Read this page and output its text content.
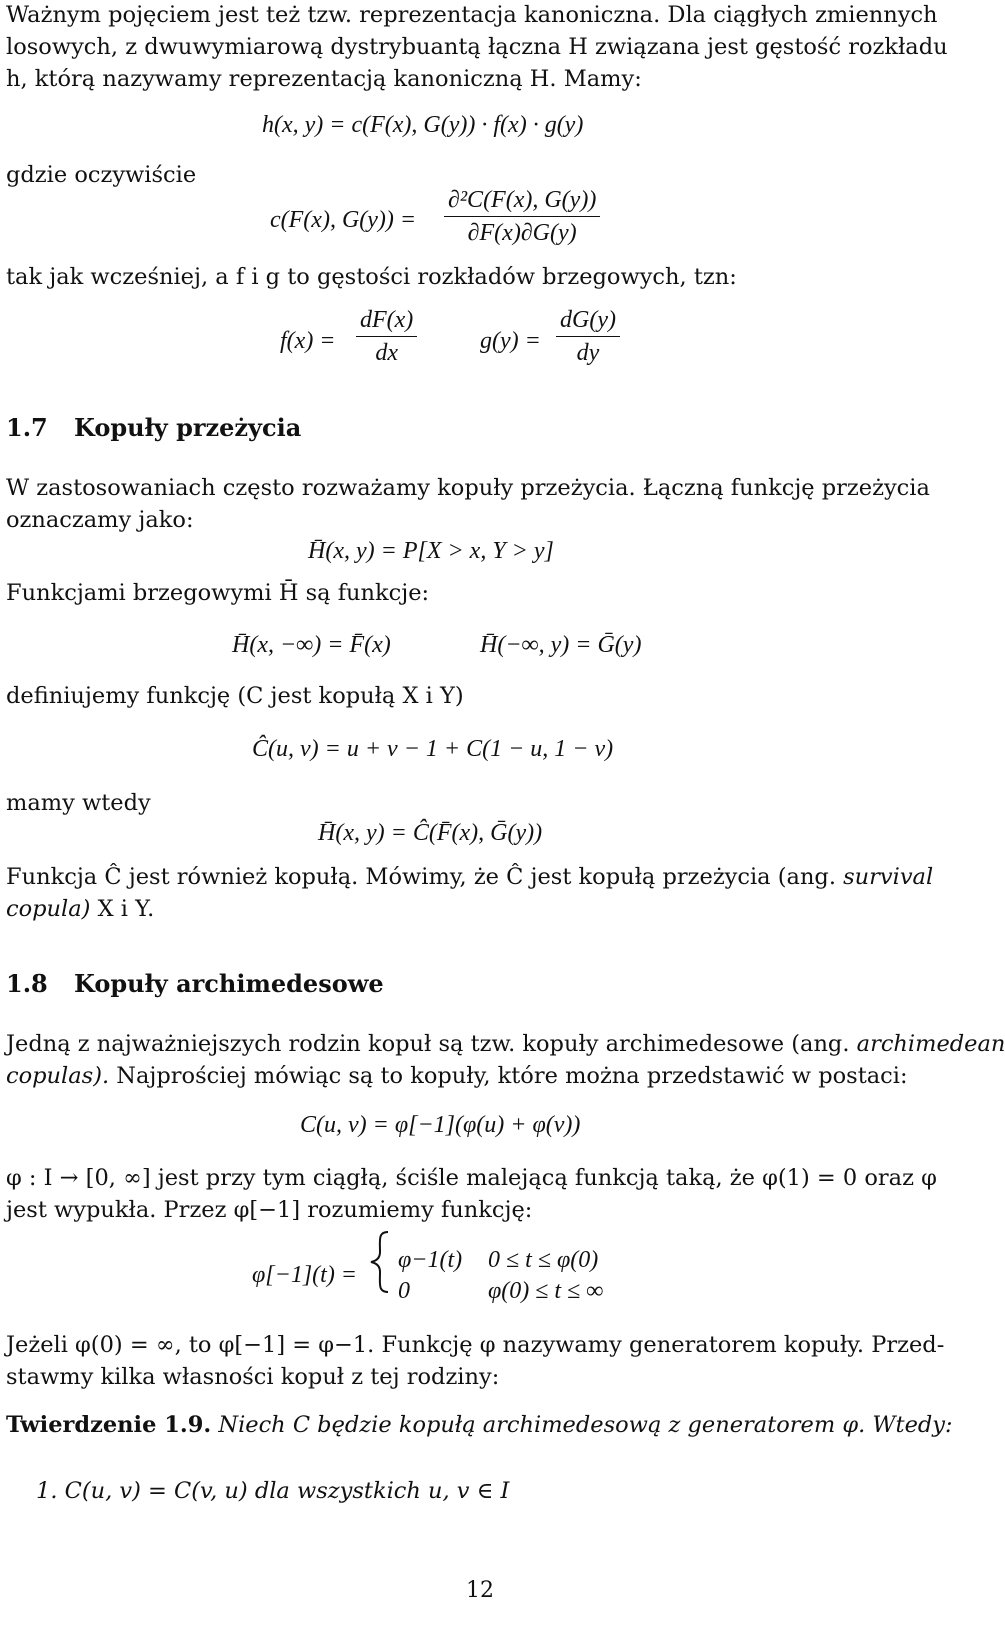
Ważnym pojęciem jest też tzw. reprezentacja kanoniczna. Dla ciągłych zmiennych
losowych, z dwuwymiarową dystrybuantą łączna H związana jest gęstość rozkładu
h, którą nazywamy reprezentacją kanoniczną H. Mamy:
h(x, y) = c(F(x), G(y)) · f(x) · g(y)
gdzie oczywiście
c(F(x), $G(y)) = \frac{\text{∂²C(F(x), G(y))}}{\partial F(x)\partial G(y)}$
tak jak wcześniej, a f i g to gęstości rozkładów brzegowych, tzn:
$f(x) = \frac{dF(x)}{dx}$	$g(y) = \frac{dG(y)}{dy}$
1.7 Kopuły przeżycia
W zastosowaniach często rozważamy kopuły przeżycia. Łączną funkcję przeżycia
oznaczamy jako:
H̄(x, y) = P[X > x, Y > y]
Funkcjami brzegowymi H̄ są funkcje:
H̄(x, −∞) = F̄(x)	H̄(−∞, y) = Ḡ(y)
definiujemy funkcję (C jest kopułą X i Y)
Ĉ(u, v) = u + v − 1 + C(1 − u, 1 − v)
mamy wtedy
H̄(x, y) = Ĉ(F̄(x), Ḡ(y))
Funkcja Ĉ jest również kopułą. Mówimy, że Ĉ jest kopułą przeżycia (ang. survival
copula) X i Y.
1.8 Kopuły archimedesowe
Jedną z najważniejszych rodzin kopuł są tzw. kopuły archimedesowe (ang. archimedean
copulas). Najprościej mówiąc są to kopuły, które można przedstawić w postaci:
C(u, v) = φ[−1](φ(u) + φ(v))
φ : I → [0, ∞] jest przy tym ciągłą, ściśle malejącą funkcją taką, że φ(1) = 0 oraz φ
jest wypukła. Przez φ[−1] rozumiemy funkcję:
φ[−1](t) =
φ−1(t) 0 ≤ t ≤ φ(0)
0	φ(0) ≤ t ≤ ∞
Jeżeli φ(0) = ∞, to φ[−1] = φ−1. Funkcję φ nazywamy generatorem kopuły. Przed-
stawmy kilka własności kopuł z tej rodziny:
Twierdzenie 1.9. Niech C będzie kopułą archimedesową z generatorem φ. Wtedy:
1. C(u, v) = C(v, u) dla wszystkich u, v ∈ I
12
